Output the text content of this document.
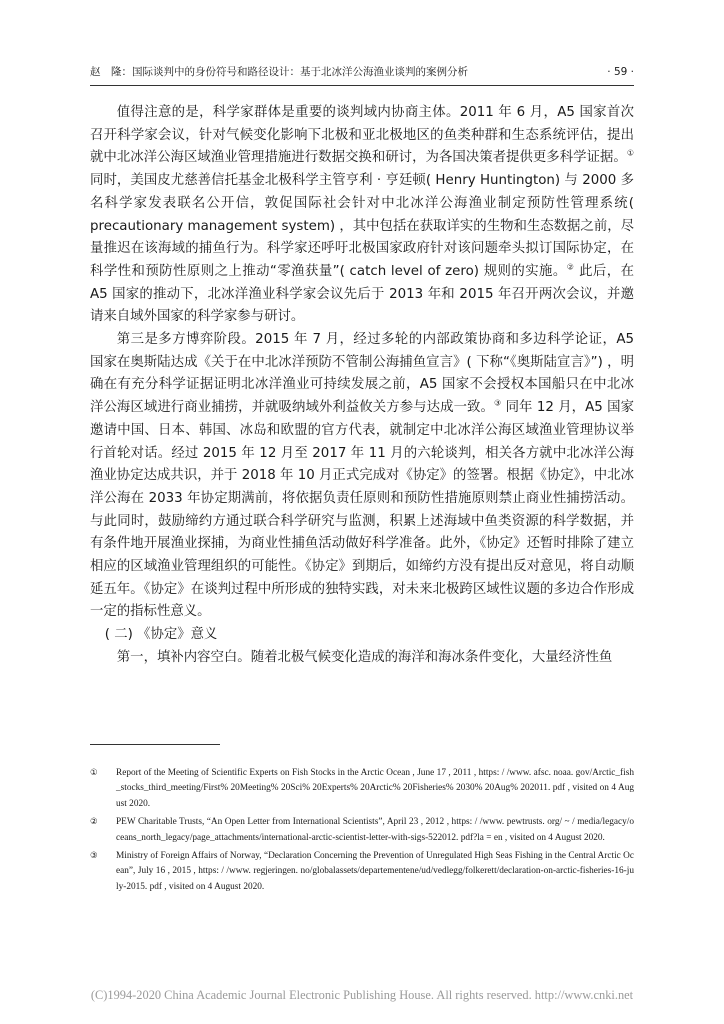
赵　隆：国际谈判中的身份符号和路径设计：基于北冰洋公海渔业谈判的案例分析	· 59 ·

值得注意的是，科学家群体是重要的谈判域内协商主体。2011 年 6 月，A5 国家首次召开科学家会议，针对气候变化影响下北极和亚北极地区的鱼类种群和生态系统评估，提出就中北冰洋公海区域渔业管理措施进行数据交换和研讨，为各国决策者提供更多科学证据。① 同时，美国皮尤慈善信托基金北极科学主管亨利 · 亨廷顿( Henry Huntington) 与 2000 多名科学家发表联名公开信，敦促国际社会针对中北冰洋公海渔业制定预防性管理系统( precautionary management system) ，其中包括在获取详实的生物和生态数据之前，尽量推迟在该海域的捕鱼行为。科学家还呼吁北极国家政府针对该问题牵头拟订国际协定，在科学性和预防性原则之上推动“零渔获量”( catch level of zero) 规则的实施。② 此后，在 A5 国家的推动下，北冰洋渔业科学家会议先后于 2013 年和 2015 年召开两次会议，并邀请来自域外国家的科学家参与研讨。

第三是多方博弈阶段。2015 年 7 月，经过多轮的内部政策协商和多边科学论证，A5 国家在奥斯陆达成《关于在中北冰洋预防不管制公海捕鱼宣言》( 下称“《奥斯陆宣言》”) ，明确在有充分科学证据证明北冰洋渔业可持续发展之前，A5 国家不会授权本国船只在中北冰洋公海区域进行商业捕捞，并就吸纳域外利益攸关方参与达成一致。③ 同年 12 月，A5 国家邀请中国、日本、韩国、冰岛和欧盟的官方代表，就制定中北冰洋公海区域渔业管理协议举行首轮对话。经过 2015 年 12 月至 2017 年 11 月的六轮谈判，相关各方就中北冰洋公海渔业协定达成共识，并于 2018 年 10 月正式完成对《协定》的签署。根据《协定》，中北冰洋公海在 2033 年协定期满前，将依据负责任原则和预防性措施原则禁止商业性捕捞活动。与此同时，鼓励缔约方通过联合科学研究与监测，积累上述海域中鱼类资源的科学数据，并有条件地开展渔业探捕，为商业性捕鱼活动做好科学准备。此外，《协定》还暂时排除了建立相应的区域渔业管理组织的可能性。《协定》到期后，如缔约方没有提出反对意见，将自动顺延五年。《协定》在谈判过程中所形成的独特实践，对未来北极跨区域性议题的多边合作形成一定的指标性意义。

( 二) 《协定》意义

第一，填补内容空白。随着北极气候变化造成的海洋和海冰条件变化，大量经济性鱼

①	Report of the Meeting of Scientific Experts on Fish Stocks in the Arctic Ocean , June 17 , 2011 , https: / /www. afsc. noaa. gov/Arctic_fish_stocks_third_meeting/First% 20Meeting% 20Sci% 20Experts% 20Arctic% 20Fisheries% 2030% 20Aug% 202011. pdf , visited on 4 August 2020.
②	PEW Charitable Trusts, “An Open Letter from International Scientists”, April 23 , 2012 , https: / /www. pewtrusts. org/ ~ / media/legacy/oceans_north_legacy/page_attachments/international-arctic-scientist-letter-with-sigs-522012. pdf?la = en , visited on 4 August 2020.
③	Ministry of Foreign Affairs of Norway, “Declaration Concerning the Prevention of Unregulated High Seas Fishing in the Central Arctic Ocean”, July 16 , 2015 , https: / /www. regjeringen. no/globalassets/departementene/ud/vedlegg/folkerett/declaration-on-arctic-fisheries-16-july-2015. pdf , visited on 4 August 2020.
(C)1994-2020 China Academic Journal Electronic Publishing House. All rights reserved. http://www.cnki.net
